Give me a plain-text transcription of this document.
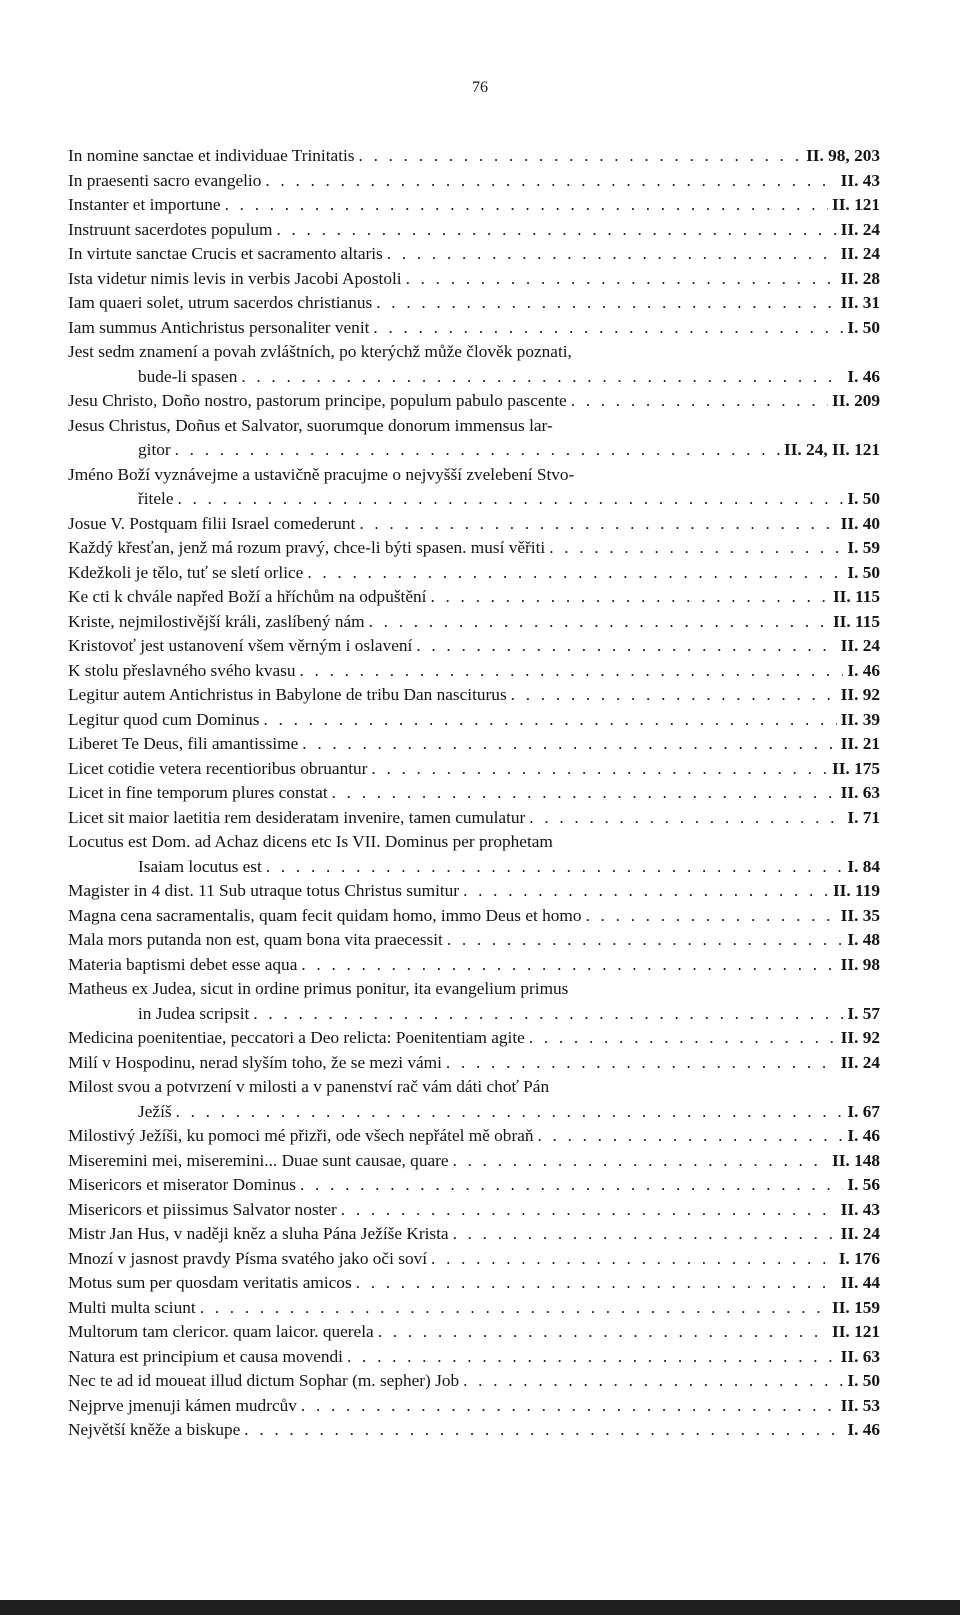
76
In nomine sanctae et individuae Trinitatis . . .	II. 98, 203
In praesenti sacro evangelio . . .	II. 43
Instanter et importune . . .	II. 121
Instruunt sacerdotes populum . . .	II. 24
In virtute sanctae Crucis et sacramento altaris . . .	II. 24
Ista videtur nimis levis in verbis Jacobi Apostoli . . .	II. 28
Iam quaeri solet, utrum sacerdos christianus . . .	II. 31
Iam summus Antichristus personaliter venit . . .	I. 50
Jest sedm znamení a povah zvláštních, po kterýchž může člověk poznati,
bude-li spasen . . .	I. 46
Jesu Christo, Doño nostro, pastorum principe, populum pabulo pascente . . .	II. 209
Jesus Christus, Doñus et Salvator, suorumque donorum immensus lar-
gitor . . .	II. 24, II. 121
Jméno Boží vyznávejme a ustavičně pracujme o nejvyšší zvelebení Stvo-
řitele . . .	I. 50
Josue V. Postquam filii Israel comederunt . . .	II. 40
Každý křesťan, jenž má rozum pravý, chce-li býti spasen. musí věřiti . . .	I. 59
Kdežkoli je tělo, tuť se sletí orlice . . .	I. 50
Ke cti k chvále napřed Boží a hříchům na odpuštění . . .	II. 115
Kriste, nejmilostivější králi, zaslíbený nám . . .	II. 115
Kristovoť jest ustanovení všem věrným i oslavení . . .	II. 24
K stolu přeslavného svého kvasu . . .	I. 46
Legitur autem Antichristus in Babylone de tribu Dan nasciturus . . .	II. 92
Legitur quod cum Dominus . . .	II. 39
Liberet Te Deus, fili amantissime . . .	II. 21
Licet cotidie vetera recentioribus obruantur . . .	II. 175
Licet in fine temporum plures constat . . .	II. 63
Licet sit maior laetitia rem desideratam invenire, tamen cumulatur . . .	I. 71
Locutus est Dom. ad Achaz dicens etc Is VII. Dominus per prophetam
Isaiam locutus est . . .	I. 84
Magister in 4 dist. 11 Sub utraque totus Christus sumitur . . .	II. 119
Magna cena sacramentalis, quam fecit quidam homo, immo Deus et homo . . .	II. 35
Mala mors putanda non est, quam bona vita praecessit . . .	I. 48
Materia baptismi debet esse aqua . . .	II. 98
Matheus ex Judea, sicut in ordine primus ponitur, ita evangelium primus
in Judea scripsit . . .	I. 57
Medicina poenitentiae, peccatori a Deo relicta: Poenitentiam agite . . .	II. 92
Milí v Hospodinu, nerad slyším toho, že se mezi vámi . . .	II. 24
Milost svou a potvrzení v milosti a v panenství rač vám dáti choť Pán
Ježíš . . .	I. 67
Milostivý Ježíši, ku pomoci mé přizři, ode všech nepřátel mě obraň . . .	I. 46
Miseremini mei, miseremini... Duae sunt causae, quare . . .	II. 148
Misericors et miserator Dominus . . .	I. 56
Misericors et piissimus Salvator noster . . .	II. 43
Mistr Jan Hus, v naději kněz a sluha Pána Ježíše Krista . . .	II. 24
Mnozí v jasnost pravdy Písma svatého jako oči soví . . .	I. 176
Motus sum per quosdam veritatis amicos . . .	II. 44
Multi multa sciunt . . .	II. 159
Multorum tam clericor. quam laicor. querela . . .	II. 121
Natura est principium et causa movendi . . .	II. 63
Nec te ad id moueat illud dictum Sophar (m. sepher) Job . . .	I. 50
Nejprve jmenuji kámen mudrcův . . .	II. 53
Největší kněže a biskupe . . .	I. 46
